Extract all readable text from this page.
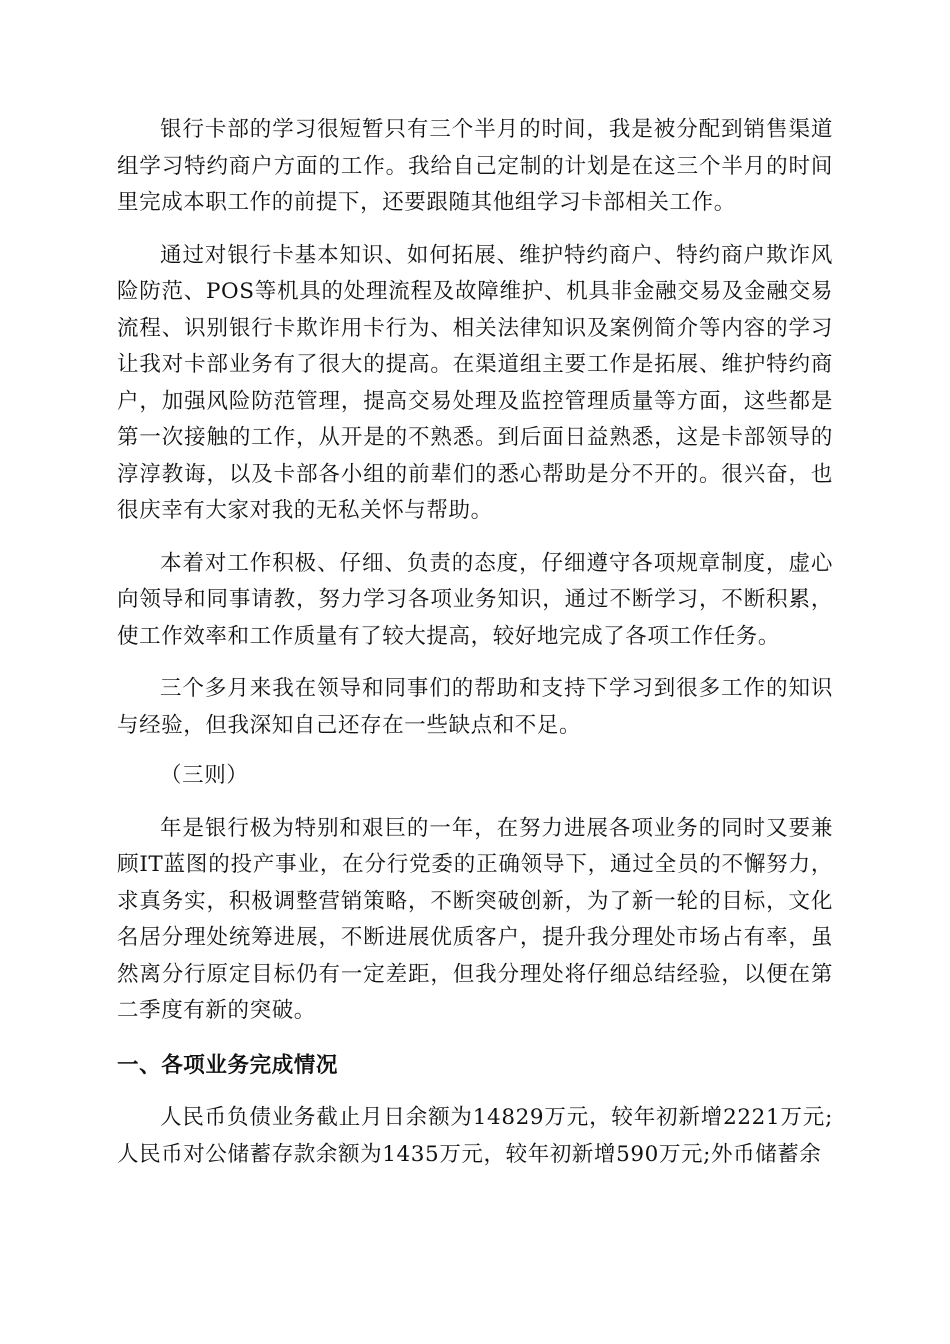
银行卡部的学习很短暂只有三个半月的时间，我是被分配到销售渠道组学习特约商户方面的工作。我给自己定制的计划是在这三个半月的时间里完成本职工作的前提下，还要跟随其他组学习卡部相关工作。

通过对银行卡基本知识、如何拓展、维护特约商户、特约商户欺诈风险防范、POS等机具的处理流程及故障维护、机具非金融交易及金融交易流程、识别银行卡欺诈用卡行为、相关法律知识及案例简介等内容的学习让我对卡部业务有了很大的提高。在渠道组主要工作是拓展、维护特约商户，加强风险防范管理，提高交易处理及监控管理质量等方面，这些都是第一次接触的工作，从开是的不熟悉。到后面日益熟悉，这是卡部领导的淳淳教诲，以及卡部各小组的前辈们的悉心帮助是分不开的。很兴奋，也很庆幸有大家对我的无私关怀与帮助。

本着对工作积极、仔细、负责的态度，仔细遵守各项规章制度，虚心向领导和同事请教，努力学习各项业务知识，通过不断学习，不断积累，使工作效率和工作质量有了较大提高，较好地完成了各项工作任务。

三个多月来我在领导和同事们的帮助和支持下学习到很多工作的知识与经验，但我深知自己还存在一些缺点和不足。

（三则）

年是银行极为特别和艰巨的一年，在努力进展各项业务的同时又要兼顾IT蓝图的投产事业，在分行党委的正确领导下，通过全员的不懈努力，求真务实，积极调整营销策略，不断突破创新，为了新一轮的目标，文化名居分理处统筹进展，不断进展优质客户，提升我分理处市场占有率，虽然离分行原定目标仍有一定差距，但我分理处将仔细总结经验，以便在第二季度有新的突破。

一、各项业务完成情况

人民币负债业务截止月日余额为14829万元，较年初新增2221万元;人民币对公储蓄存款余额为1435万元，较年初新增590万元;外币储蓄余
